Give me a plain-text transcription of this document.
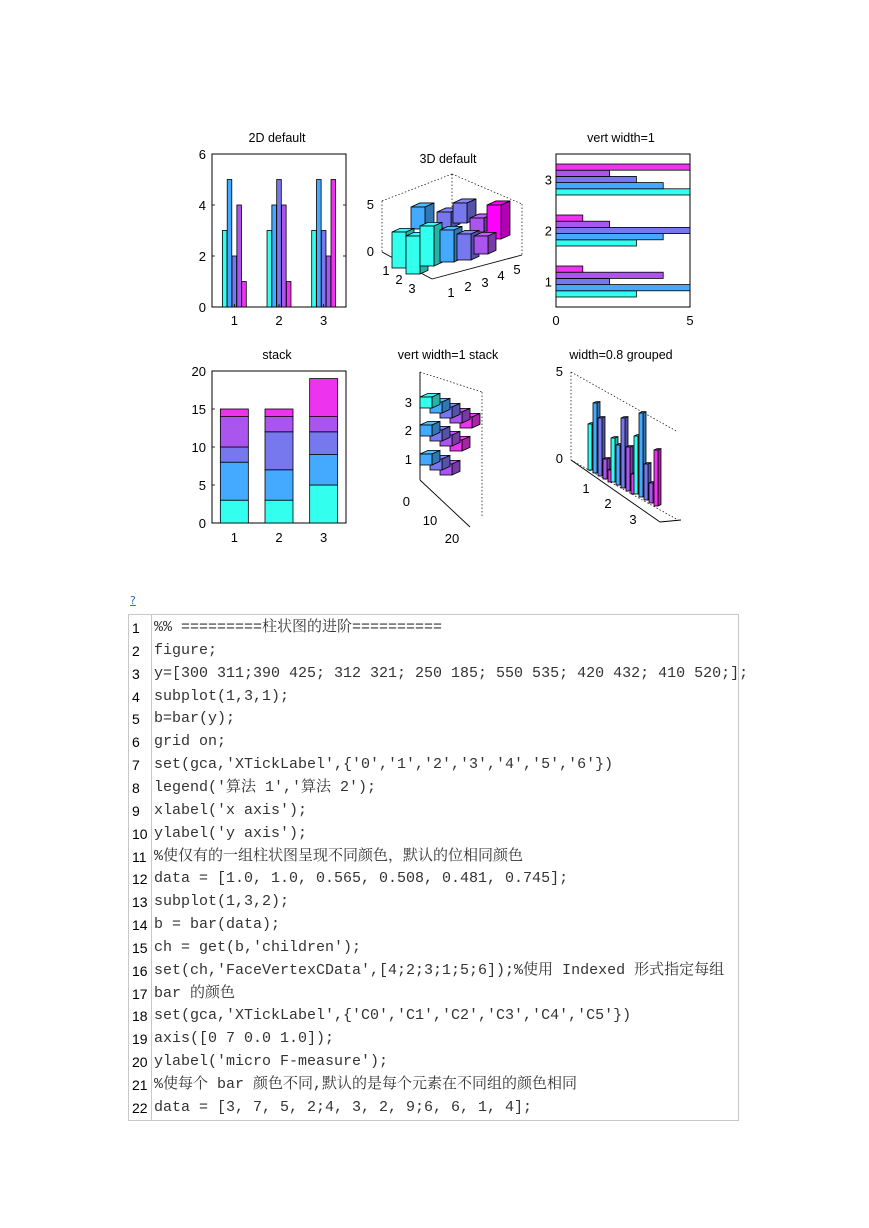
2D default
0
2
4
6
1	2	3
3D default
5
0
1
2
3 1 2 3 4 5
vert width=1
1
2
3
0	5
stack
0
5
10
15
20
1	2	3
vert width=1 stack
3
2
1
0
10
20
width=0.8 grouped
5
0
1
2
3
?
1 %% =========柱状图的进阶==========
2 figure;
3 y=[300 311;390 425; 312 321; 250 185; 550 535; 420 432; 410 520;];
4 subplot(1,3,1);
5 b=bar(y);
6 grid on;
7 set(gca,'XTickLabel',{'0','1','2','3','4','5','6'})
8 legend('算法 1','算法 2');
9 xlabel('x axis');
10 ylabel('y axis');
11 %使仅有的一组柱状图呈现不同颜色，默认的位相同颜色
12 data = [1.0, 1.0, 0.565, 0.508, 0.481, 0.745];
13 subplot(1,3,2);
14 b = bar(data);
15 ch = get(b,'children');
16 set(ch,'FaceVertexCData',[4;2;3;1;5;6]);%使用 Indexed 形式指定每组
17 bar 的颜色
18 set(gca,'XTickLabel',{'C0','C1','C2','C3','C4','C5'})
19 axis([0 7 0.0 1.0]);
20 ylabel('micro F-measure');
21 %使每个 bar 颜色不同,默认的是每个元素在不同组的颜色相同
22 data = [3, 7, 5, 2;4, 3, 2, 9;6, 6, 1, 4];
